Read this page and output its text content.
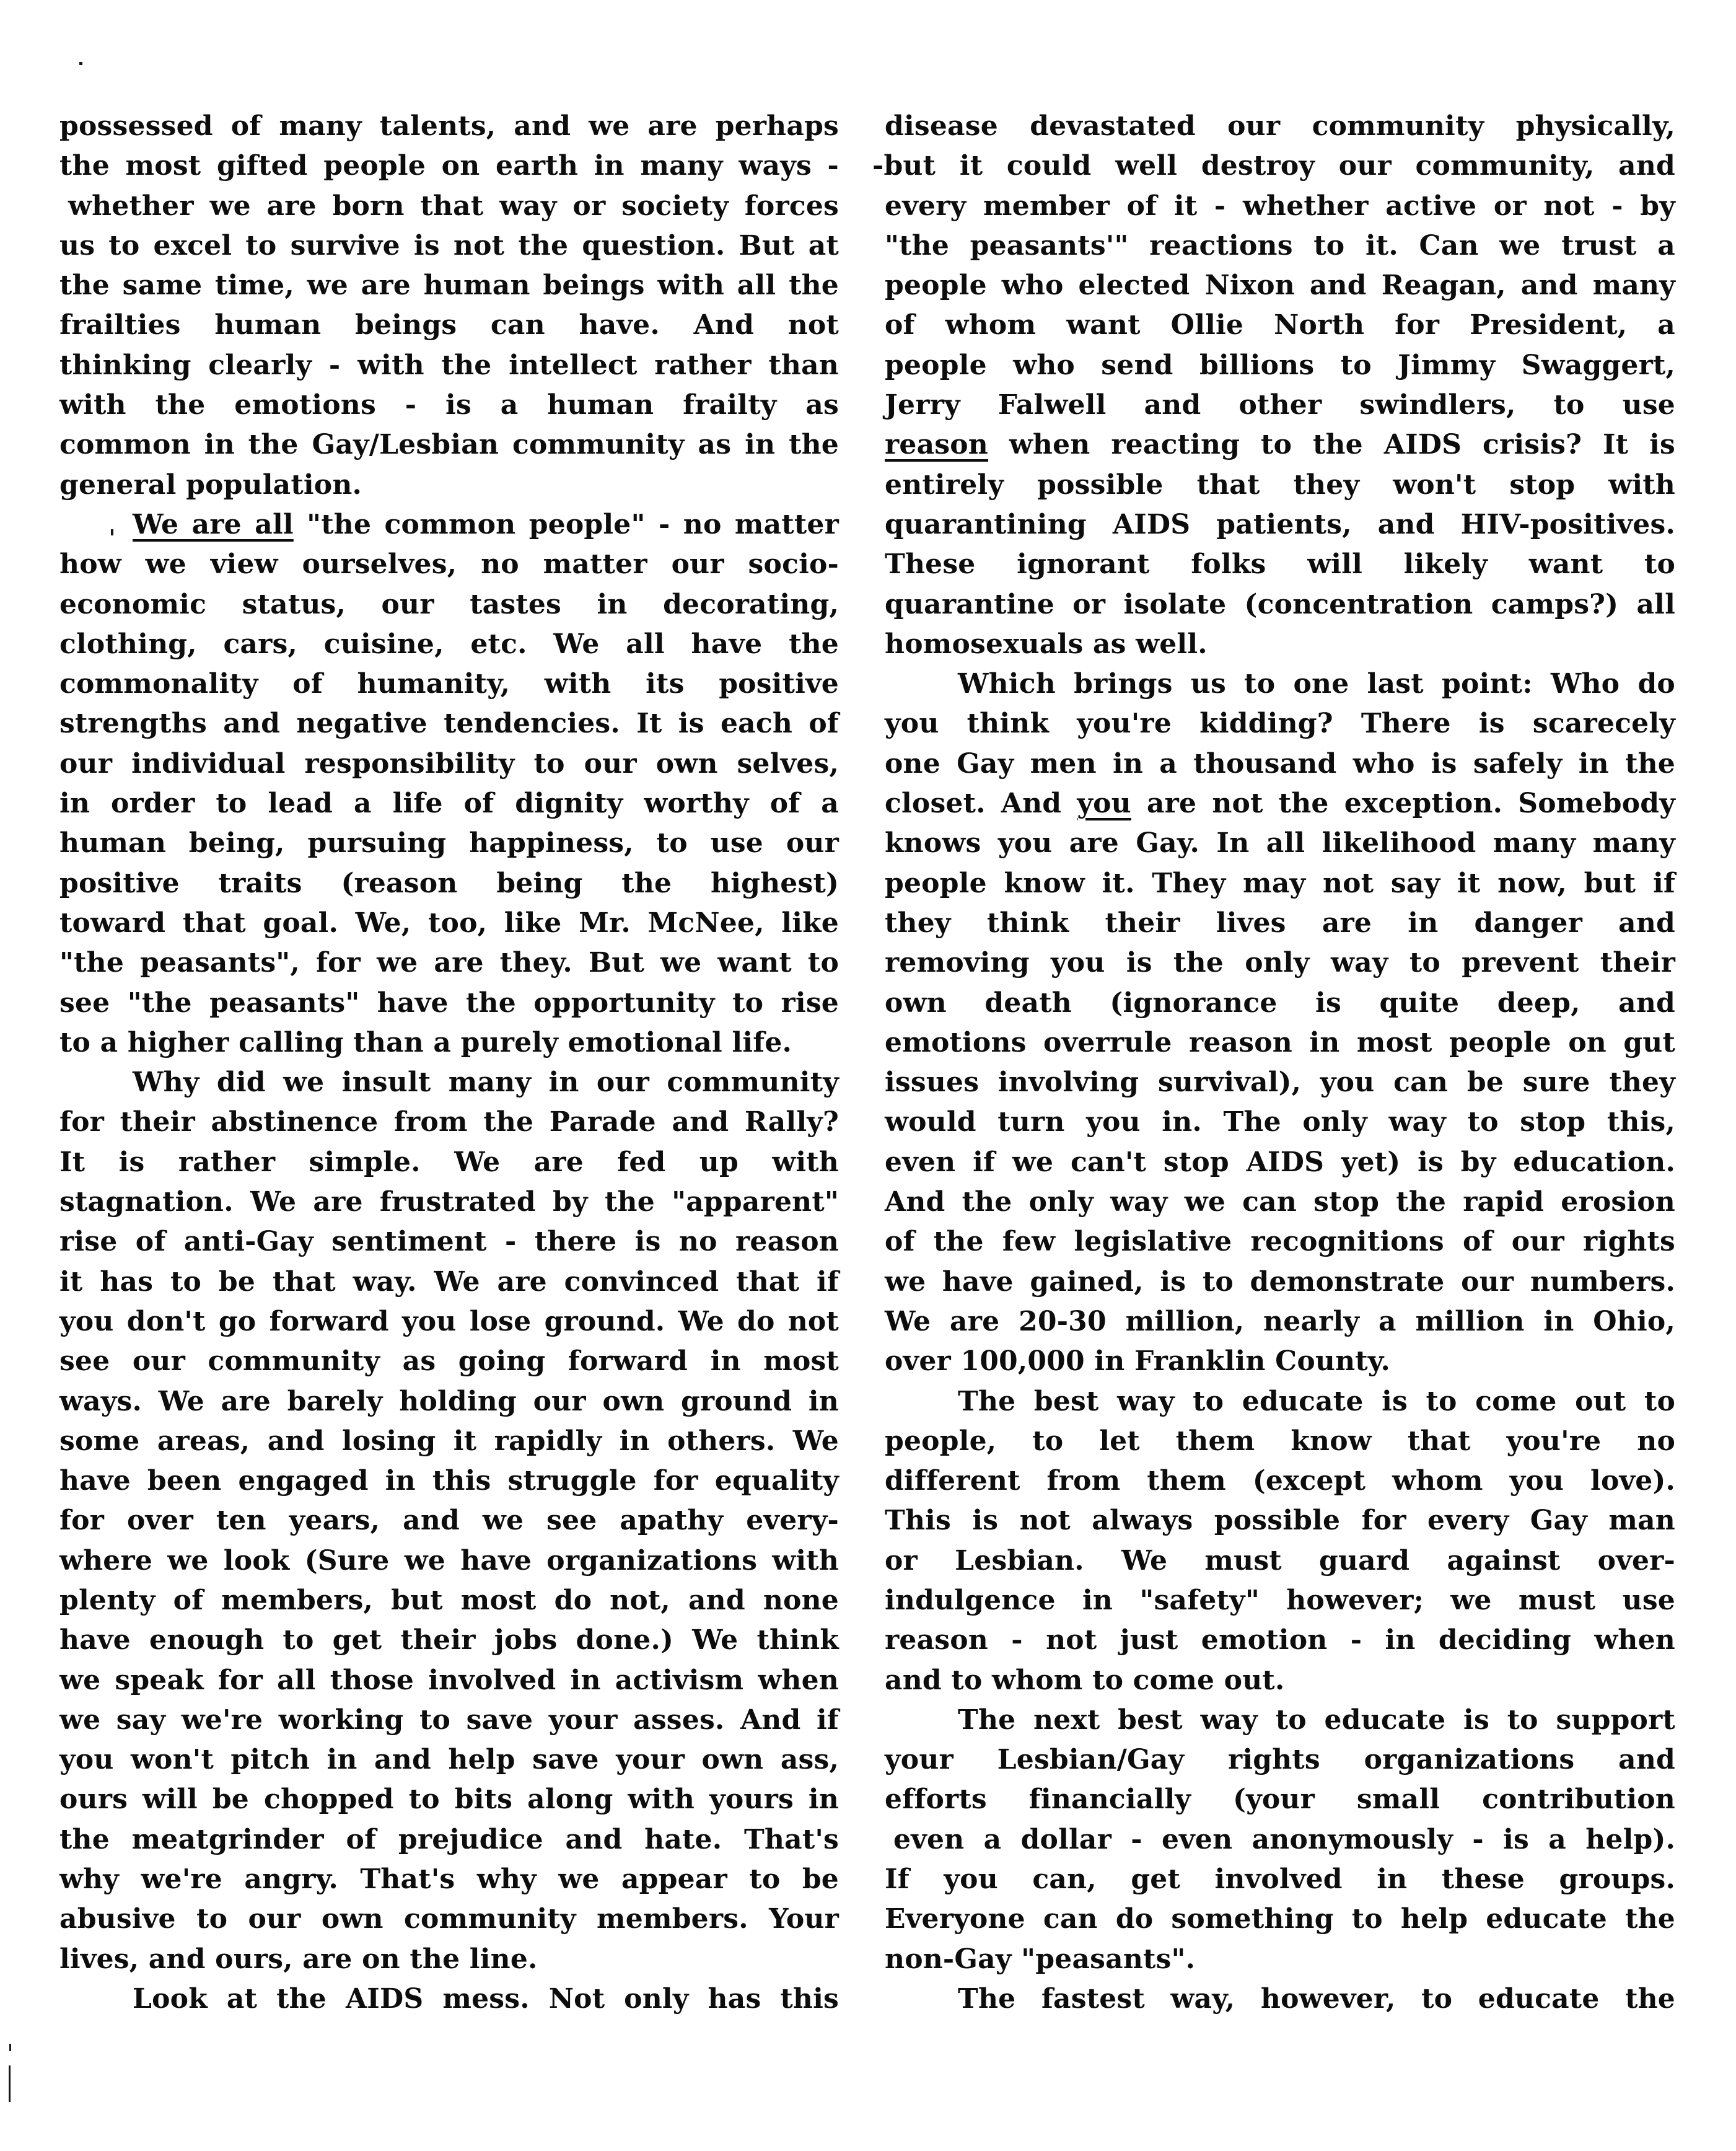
possessed of many talents, and we are perhaps
the most gifted people on earth in many ways -
whether we are born that way or society forces
us to excel to survive is not the question. But at
the same time, we are human beings with all the
frailties human beings can have. And not
thinking clearly - with the intellect rather than
with the emotions - is a human frailty as
common in the Gay/Lesbian community as in the
general population.
We are all "the common people" - no matter
how we view ourselves, no matter our socio-
economic status, our tastes in decorating,
clothing, cars, cuisine, etc. We all have the
commonality of humanity, with its positive
strengths and negative tendencies. It is each of
our individual responsibility to our own selves,
in order to lead a life of dignity worthy of a
human being, pursuing happiness, to use our
positive traits (reason being the highest)
toward that goal. We, too, like Mr. McNee, like
"the peasants", for we are they. But we want to
see "the peasants" have the opportunity to rise
to a higher calling than a purely emotional life.
Why did we insult many in our community
for their abstinence from the Parade and Rally?
It is rather simple. We are fed up with
stagnation. We are frustrated by the "apparent"
rise of anti-Gay sentiment - there is no reason
it has to be that way. We are convinced that if
you don't go forward you lose ground. We do not
see our community as going forward in most
ways. We are barely holding our own ground in
some areas, and losing it rapidly in others. We
have been engaged in this struggle for equality
for over ten years, and we see apathy every-
where we look (Sure we have organizations with
plenty of members, but most do not, and none
have enough to get their jobs done.) We think
we speak for all those involved in activism when
we say we're working to save your asses. And if
you won't pitch in and help save your own ass,
ours will be chopped to bits along with yours in
the meatgrinder of prejudice and hate. That's
why we're angry. That's why we appear to be
abusive to our own community members. Your
lives, and ours, are on the line.
Look at the AIDS mess. Not only has this
disease devastated our community physically,
-but it could well destroy our community, and
every member of it - whether active or not - by
"the peasants'" reactions to it. Can we trust a
people who elected Nixon and Reagan, and many
of whom want Ollie North for President, a
people who send billions to Jimmy Swaggert,
Jerry Falwell and other swindlers, to use
reason when reacting to the AIDS crisis? It is
entirely possible that they won't stop with
quarantining AIDS patients, and HIV-positives.
These ignorant folks will likely want to
quarantine or isolate (concentration camps?) all
homosexuals as well.
Which brings us to one last point: Who do
you think you're kidding? There is scarecely
one Gay men in a thousand who is safely in the
closet. And you are not the exception. Somebody
knows you are Gay. In all likelihood many many
people know it. They may not say it now, but if
they think their lives are in danger and
removing you is the only way to prevent their
own death (ignorance is quite deep, and
emotions overrule reason in most people on gut
issues involving survival), you can be sure they
would turn you in. The only way to stop this,
even if we can't stop AIDS yet) is by education.
And the only way we can stop the rapid erosion
of the few legislative recognitions of our rights
we have gained, is to demonstrate our numbers.
We are 20-30 million, nearly a million in Ohio,
over 100,000 in Franklin County.
The best way to educate is to come out to
people, to let them know that you're no
different from them (except whom you love).
This is not always possible for every Gay man
or Lesbian. We must guard against over-
indulgence in "safety" however; we must use
reason - not just emotion - in deciding when
and to whom to come out.
The next best way to educate is to support
your Lesbian/Gay rights organizations and
efforts financially (your small contribution
even a dollar - even anonymously - is a help).
If you can, get involved in these groups.
Everyone can do something to help educate the
non-Gay "peasants".
The fastest way, however, to educate the
